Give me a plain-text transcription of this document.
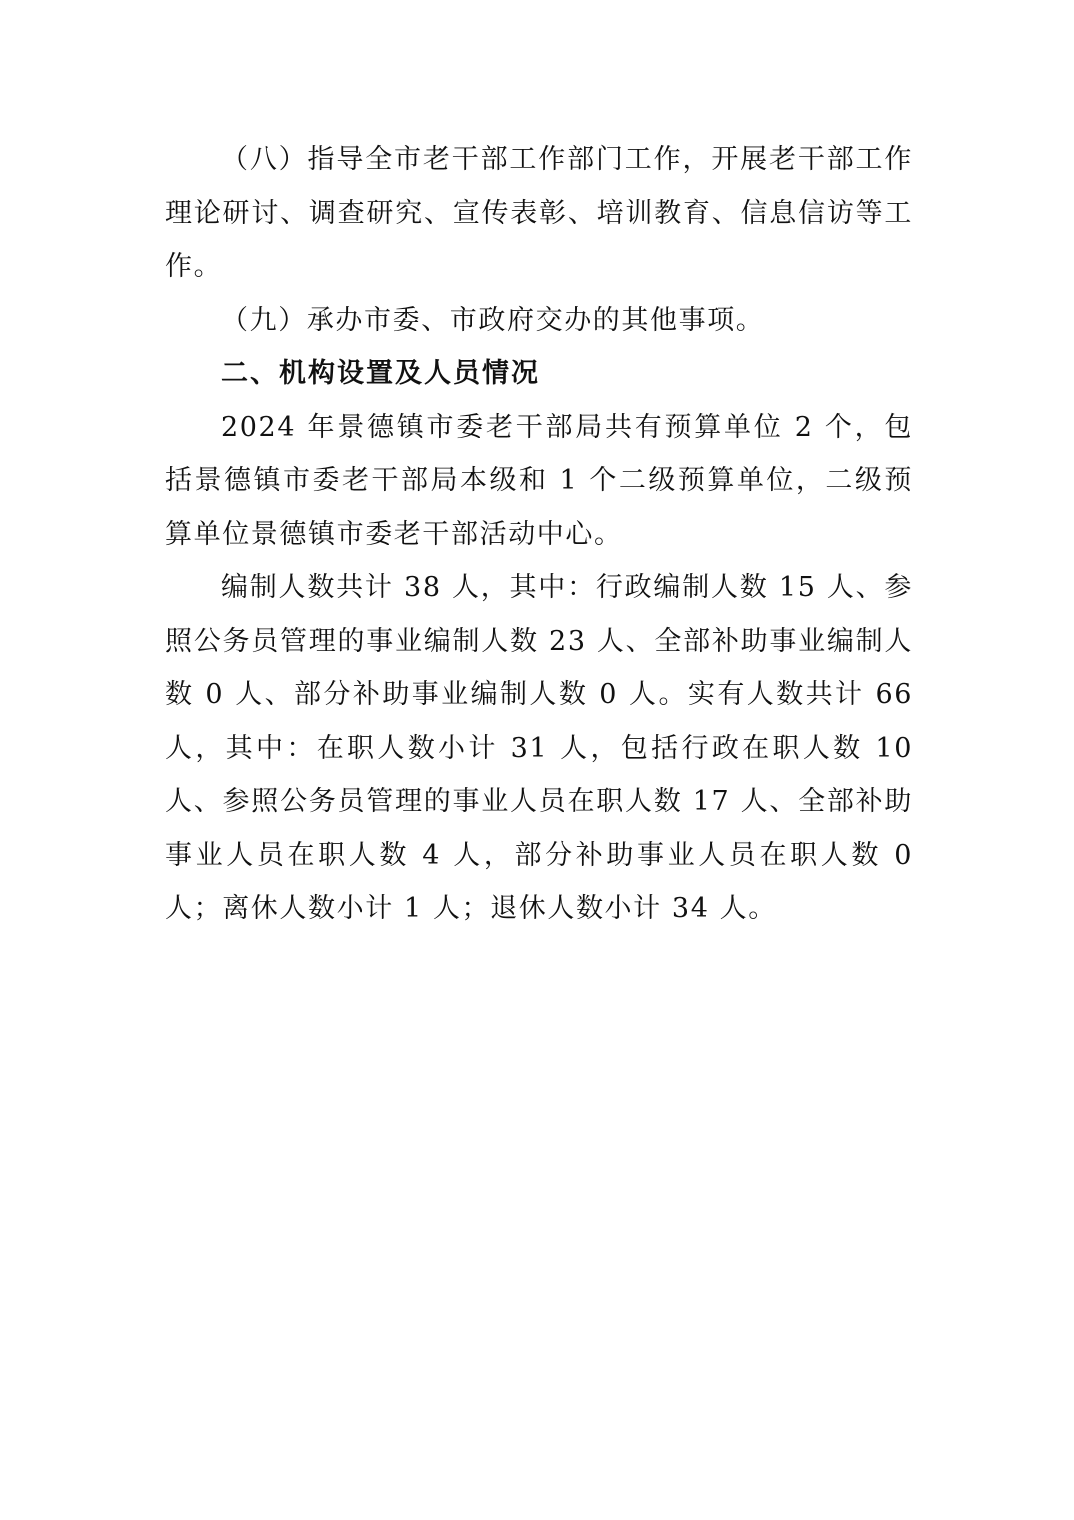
（八）指导全市老干部工作部门工作，开展老干部工作理论研讨、调查研究、宣传表彰、培训教育、信息信访等工作。

（九）承办市委、市政府交办的其他事项。

二、机构设置及人员情况

2024 年景德镇市委老干部局共有预算单位 2 个，包括景德镇市委老干部局本级和 1 个二级预算单位，二级预算单位景德镇市委老干部活动中心。

编制人数共计 38 人，其中：行政编制人数 15 人、参照公务员管理的事业编制人数 23 人、全部补助事业编制人数 0 人、部分补助事业编制人数 0 人。实有人数共计 66 人，其中：在职人数小计 31 人，包括行政在职人数 10 人、参照公务员管理的事业人员在职人数 17 人、全部补助事业人员在职人数 4 人，部分补助事业人员在职人数 0 人；离休人数小计 1 人；退休人数小计 34 人。
